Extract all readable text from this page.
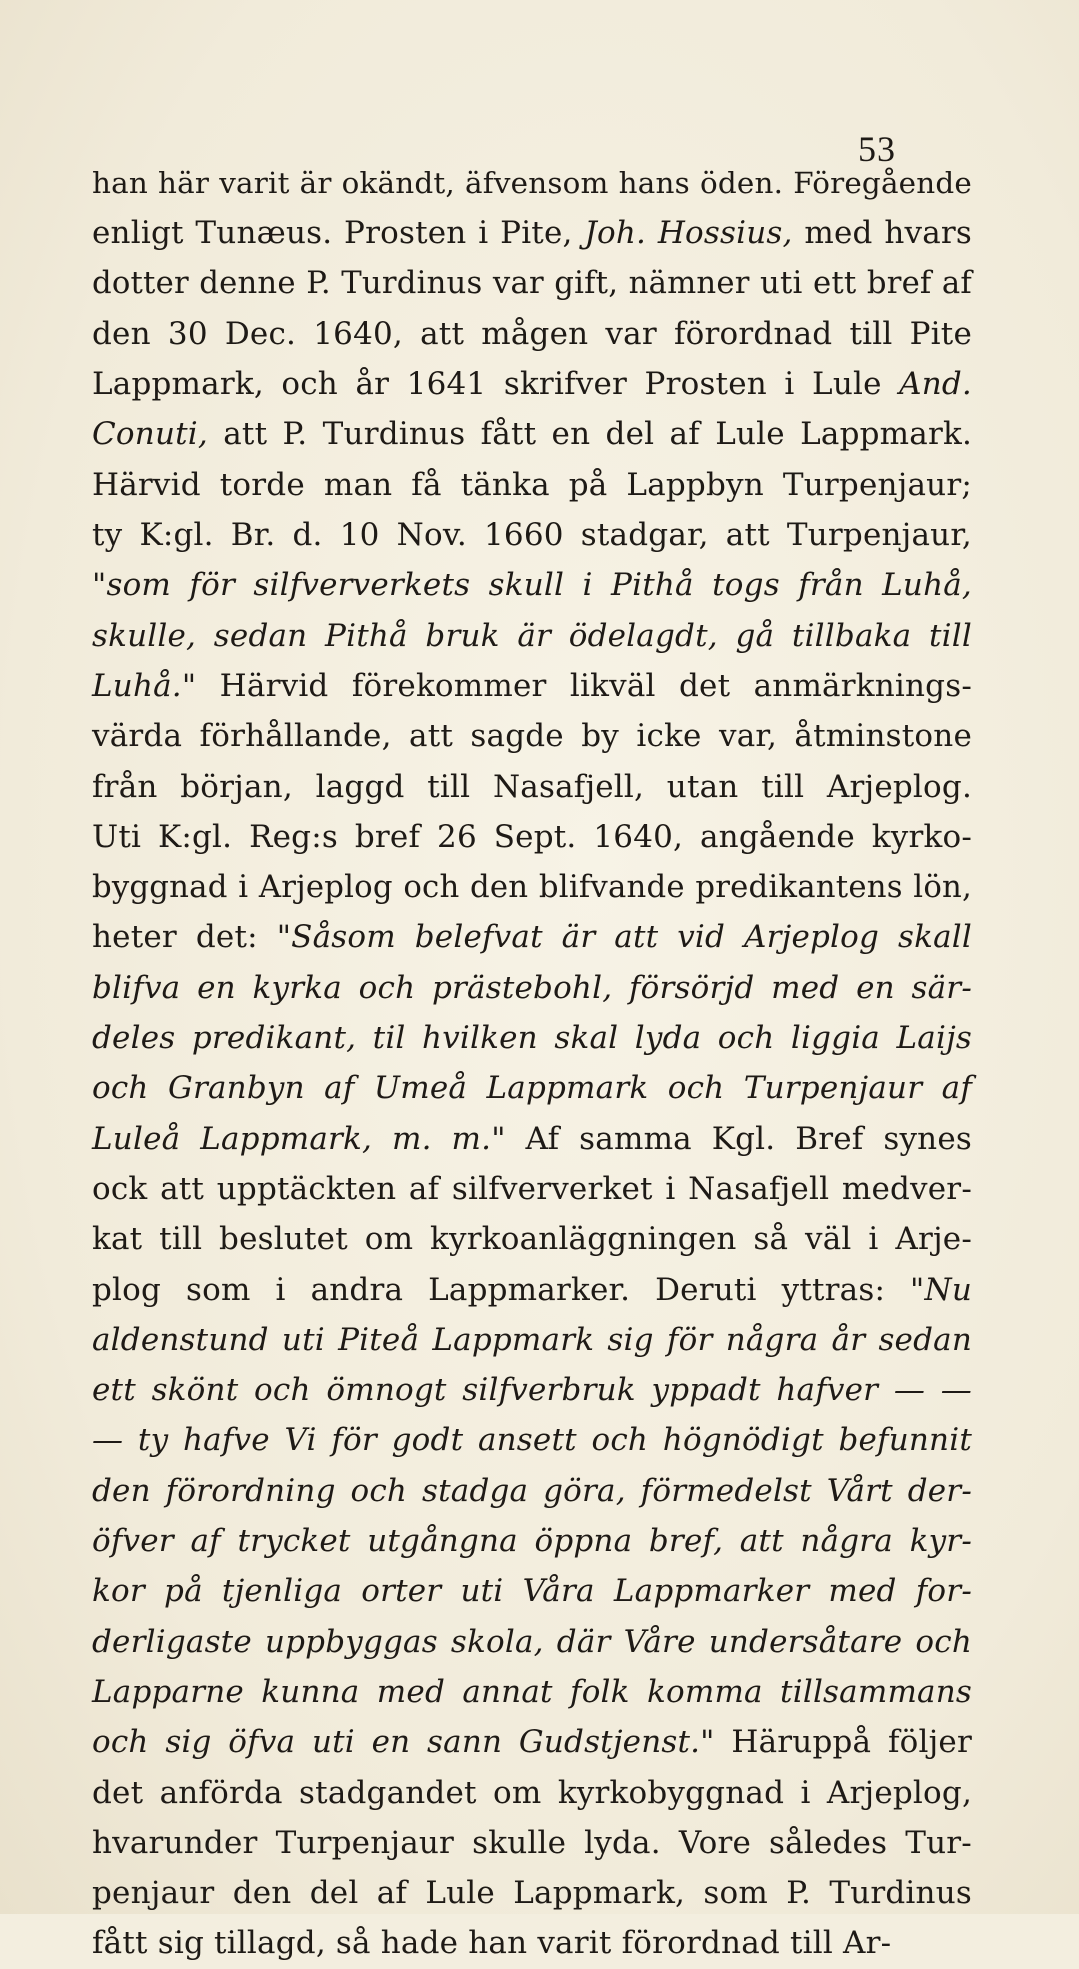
53
han här varit är okändt, äfvensom hans öden. Föregående
enligt Tunæus. Prosten i Pite, Joh. Hossius, med hvars
dotter denne P. Turdinus var gift, nämner uti ett bref af
den 30 Dec. 1640, att mågen var förordnad till Pite
Lappmark, och år 1641 skrifver Prosten i Lule And.
Conuti, att P. Turdinus fått en del af Lule Lappmark.
Härvid torde man få tänka på Lappbyn Turpenjaur;
ty K:gl. Br. d. 10 Nov. 1660 stadgar, att Turpenjaur,
"som för silfververkets skull i Pithå togs från Luhå,
skulle, sedan Pithå bruk är ödelagdt, gå tillbaka till
Luhå." Härvid förekommer likväl det anmärknings-
värda förhållande, att sagde by icke var, åtminstone
från början, laggd till Nasafjell, utan till Arjeplog.
Uti K:gl. Reg:s bref 26 Sept. 1640, angående kyrko-
byggnad i Arjeplog och den blifvande predikantens lön,
heter det: "Såsom belefvat är att vid Arjeplog skall
blifva en kyrka och prästebohl, försörjd med en sär-
deles predikant, til hvilken skal lyda och liggia Laijs
och Granbyn af Umeå Lappmark och Turpenjaur af
Luleå Lappmark, m. m." Af samma Kgl. Bref synes
ock att upptäckten af silfververket i Nasafjell medver-
kat till beslutet om kyrkoanläggningen så väl i Arje-
plog som i andra Lappmarker. Deruti yttras: "Nu
aldenstund uti Piteå Lappmark sig för några år sedan
ett skönt och ömnogt silfverbruk yppadt hafver — —
— ty hafve Vi för godt ansett och högnödigt befunnit
den förordning och stadga göra, förmedelst Vårt der-
öfver af trycket utgångna öppna bref, att några kyr-
kor på tjenliga orter uti Våra Lappmarker med for-
derligaste uppbyggas skola, där Våre undersåtare och
Lapparne kunna med annat folk komma tillsammans
och sig öfva uti en sann Gudstjenst." Häruppå följer
det anförda stadgandet om kyrkobyggnad i Arjeplog,
hvarunder Turpenjaur skulle lyda. Vore således Tur-
penjaur den del af Lule Lappmark, som P. Turdinus
fått sig tillagd, så hade han varit förordnad till Ar-
